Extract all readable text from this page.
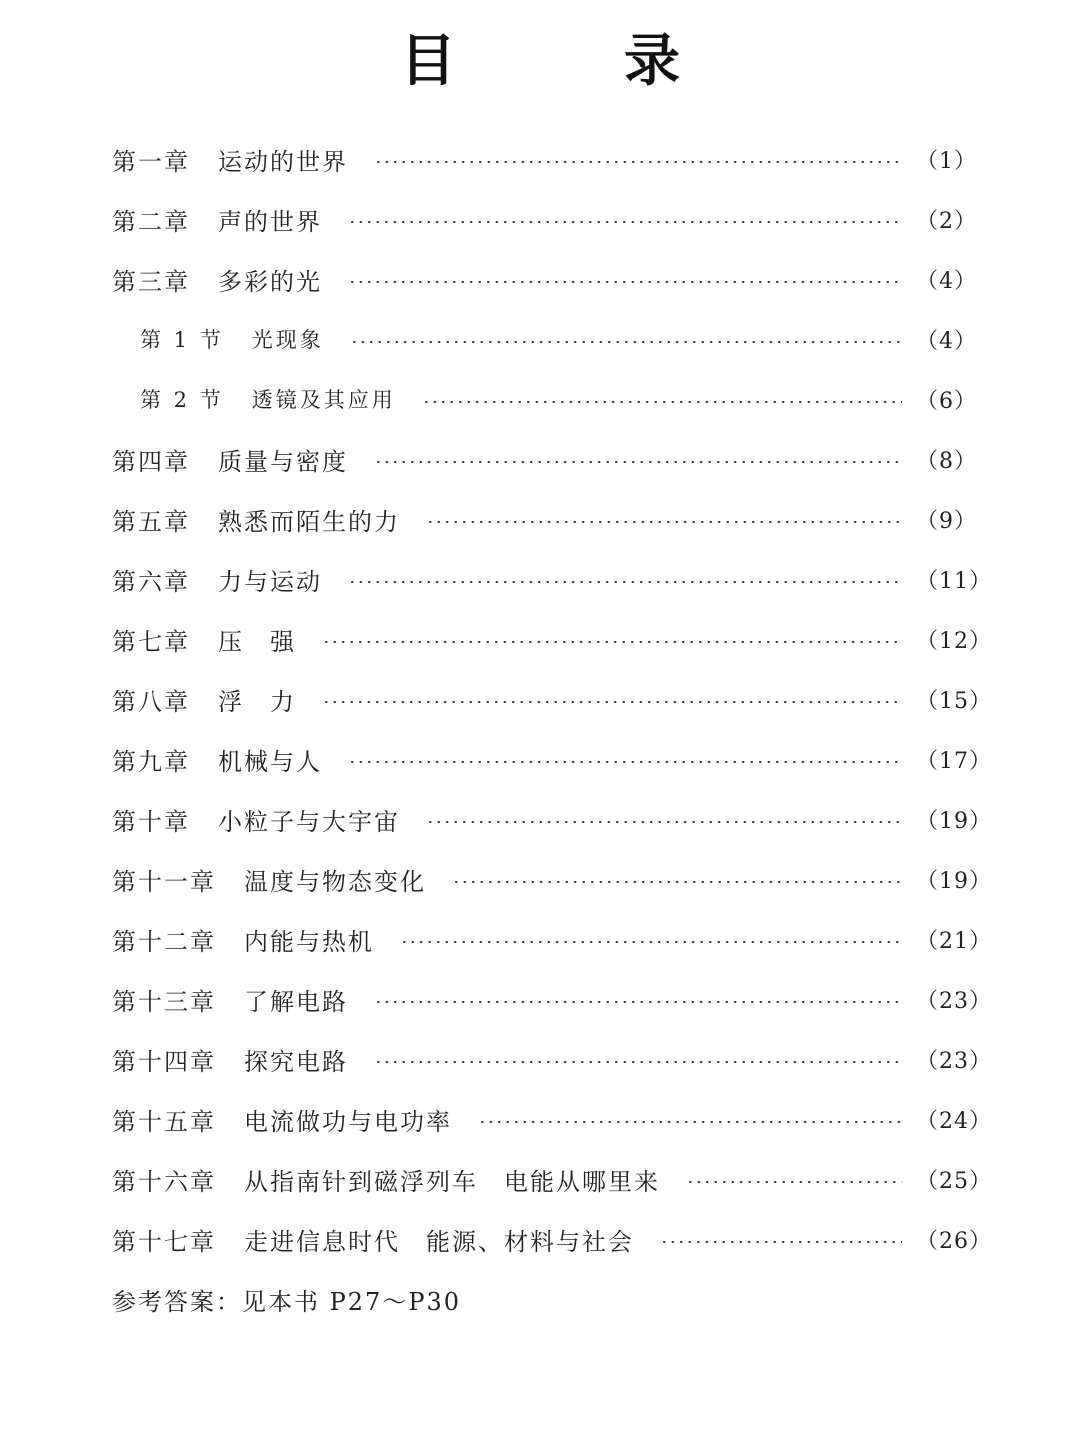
目　录
第一章 运动的世界	（1）
第二章 声的世界	（2）
第三章 多彩的光	（4）
第 1 节 光现象	（4）
第 2 节 透镜及其应用	（6）
第四章 质量与密度	（8）
第五章 熟悉而陌生的力	（9）
第六章 力与运动	（11）
第七章 压　强	（12）
第八章 浮　力	（15）
第九章 机械与人	（17）
第十章 小粒子与大宇宙	（19）
第十一章 温度与物态变化	（19）
第十二章 内能与热机	（21）
第十三章 了解电路	（23）
第十四章 探究电路	（23）
第十五章 电流做功与电功率	（24）
第十六章 从指南针到磁浮列车　电能从哪里来	（25）
第十七章 走进信息时代　能源、材料与社会	（26）
参考答案：见本书 P27～P30
